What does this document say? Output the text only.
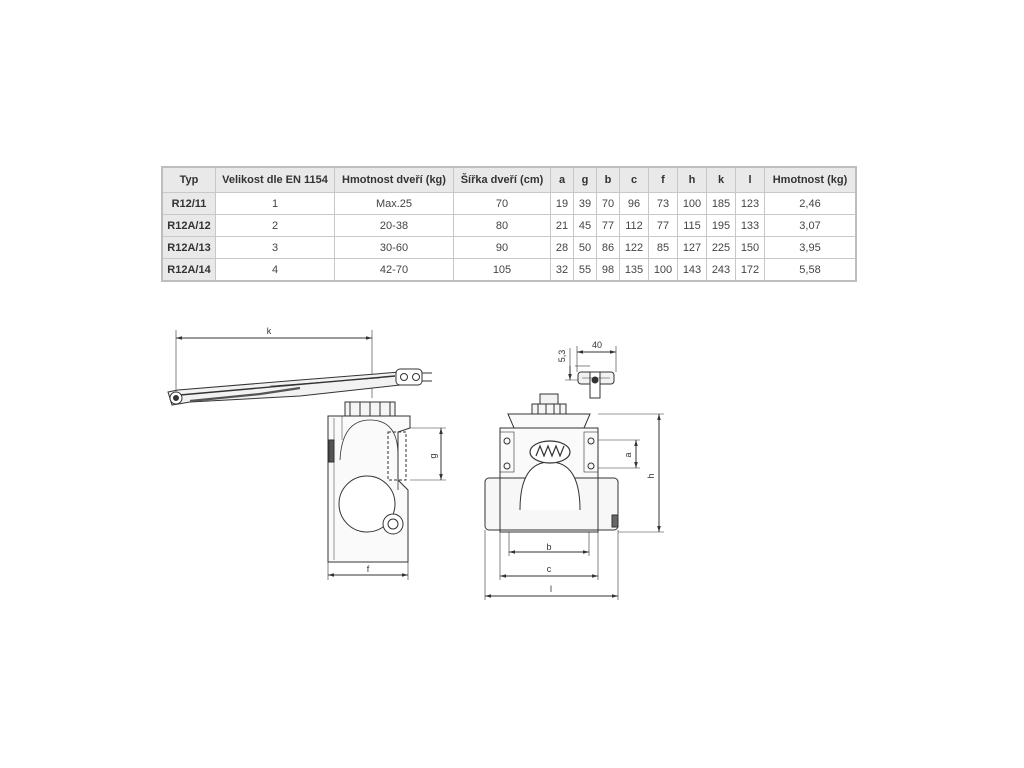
Typ	Velikost dle EN 1154	Hmotnost dveří (kg)	Šířka dveří (cm)	a	g	b	c	f	h	k	l	Hmotnost (kg)
R12/11	1	Max.25	70	19	39	70	96	73	100	185	123	2,46
R12A/12	2	20-38	80	21	45	77	112	77	115	195	133	3,07
R12A/13	3	30-60	90	28	50	86	122	85	127	225	150	3,95
R12A/14	4	42-70	105	32	55	98	135	100	143	243	172	5,58
k
g
f
5,3
40
a
h
b
c
l
